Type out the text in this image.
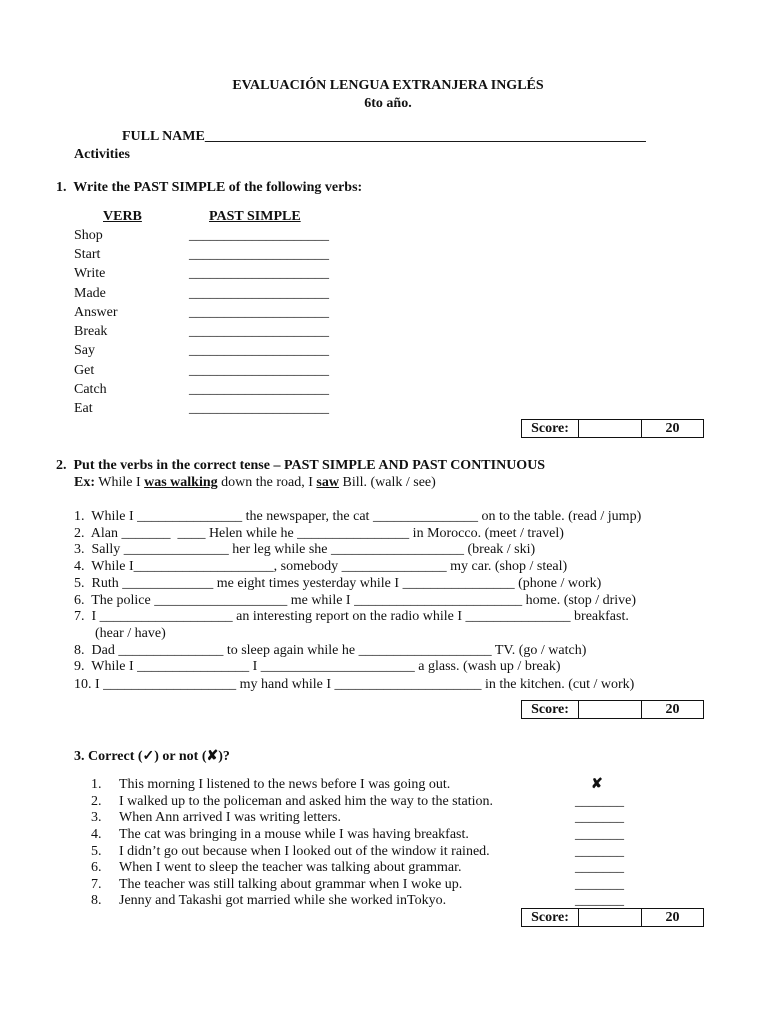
EVALUACIÓN LENGUA EXTRANJERA INGLÉS
6to año.
FULL NAME_______________________________________________________________
Activities
1.  Write the PAST SIMPLE of the following verbs:
VERB	PAST SIMPLE
Shop	____________________
Start	____________________
Write	____________________
Made	____________________
Answer	____________________
Break	____________________
Say	____________________
Get	____________________
Catch	____________________
Eat	____________________
Score:	20
2.  Put the verbs in the correct tense – PAST SIMPLE AND PAST CONTINUOUS
Ex: While I was walking down the road, I saw Bill. (walk / see)
1.  While I _______________ the newspaper, the cat _______________ on to the table. (read / jump)
2.  Alan _______  ____ Helen while he ________________ in Morocco. (meet / travel)
3.  Sally _______________ her leg while she ___________________ (break / ski)
4.  While I____________________, somebody _______________ my car. (shop / steal)
5.  Ruth _____________ me eight times yesterday while I ________________ (phone / work)
6.  The police ___________________ me while I ________________________ home. (stop / drive)
7.  I ___________________ an interesting report on the radio while I _______________ breakfast.
(hear / have)
8.  Dad _______________ to sleep again while he ___________________ TV. (go / watch)
9.  While I ________________ I ______________________ a glass. (wash up / break)
10. I ___________________ my hand while I _____________________ in the kitchen. (cut / work)
Score:	20
3. Correct (✓) or not (✘)?
1. This morning I listened to the news before I was going out.	✘
2. I walked up to the policeman and asked him the way to the station.	_______
3. When Ann arrived I was writing letters.	_______
4. The cat was bringing in a mouse while I was having breakfast.	_______
5. I didn’t go out because when I looked out of the window it rained.	_______
6. When I went to sleep the teacher was talking about grammar.	_______
7. The teacher was still talking about grammar when I woke up.	_______
8. Jenny and Takashi got married while she worked inTokyo.	_______
Score:	20
